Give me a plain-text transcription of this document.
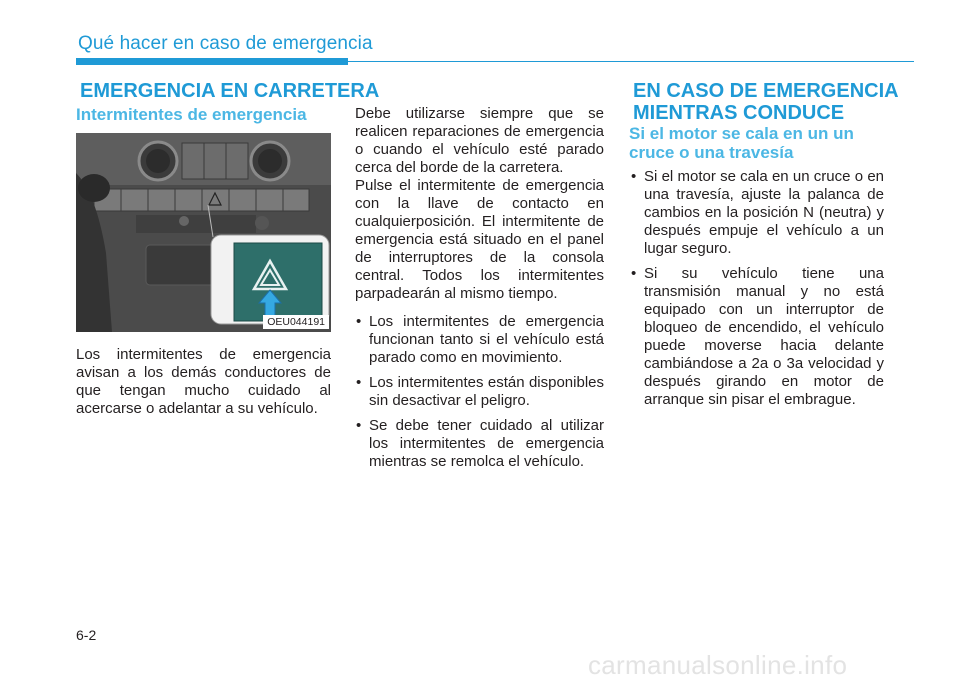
Qué hacer en caso de emergencia
EMERGENCIA EN CARRETERA
Intermitentes de emergencia
OEU044191

Los intermitentes de emergencia avisan a los demás conductores de que tengan mucho cuidado al acercarse o adelantar a su vehículo.

Debe utilizarse siempre que se realicen reparaciones de emergencia o cuando el vehículo esté parado cerca del borde de la carretera.

Pulse el intermitente de emergencia con la llave de contacto en cualquierposición. El intermitente de emergencia está situado en el panel de interruptores de la consola central. Todos los intermitentes parpadearán al mismo tiempo.

• Los intermitentes de emergencia funcionan tanto si el vehículo está parado como en movimiento.
• Los intermitentes están disponibles sin desactivar el peligro.
• Se debe tener cuidado al utilizar los intermitentes de emergencia mientras se remolca el vehículo.
EN CASO DE EMERGENCIA
MIENTRAS CONDUCE
Si el motor se cala en un un
cruce o una travesía
• Si el motor se cala en un cruce o en una travesía, ajuste la palanca de cambios en la posición N (neutra) y después empuje el vehículo a un lugar seguro.
• Si su vehículo tiene una transmisión manual y no está equipado con un interruptor de bloqueo de encendido, el vehículo puede moverse hacia delante cambiándose a 2a o 3a velocidad y después girando en motor de arranque sin pisar el embrague.
6-2
carmanualsonline.info
